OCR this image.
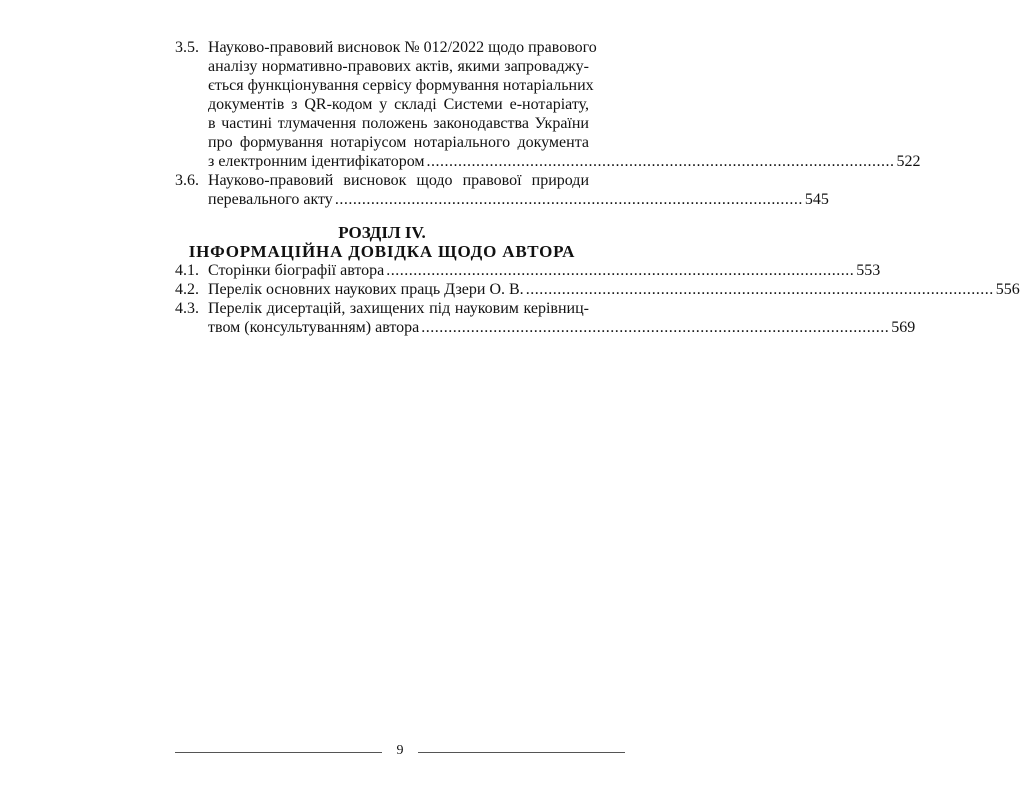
3.5. Науково-правовий висновок № 012/2022 щодо правового
аналізу нормативно-правових актів, якими запроваджу-
ється функціонування сервісу формування нотаріальних
документів з QR-кодом у складі Системи е-нотаріату,
в частині тлумачення положень законодавства України
про формування нотаріусом нотаріального документа
з електронним ідентифікатором ........................................................................................................ 522
3.6. Науково-правовий висновок щодо правової природи
перевального акту ........................................................................................................ 545
РОЗДІЛ IV.
ІНФОРМАЦІЙНА ДОВІДКА ЩОДО АВТОРА
4.1. Сторінки біографії автора ........................................................................................................ 553
4.2. Перелік основних наукових праць Дзери О. В. ........................................................................................................ 556
4.3. Перелік дисертацій, захищених під науковим керівниц-
твом (консультуванням) автора ........................................................................................................ 569
9
